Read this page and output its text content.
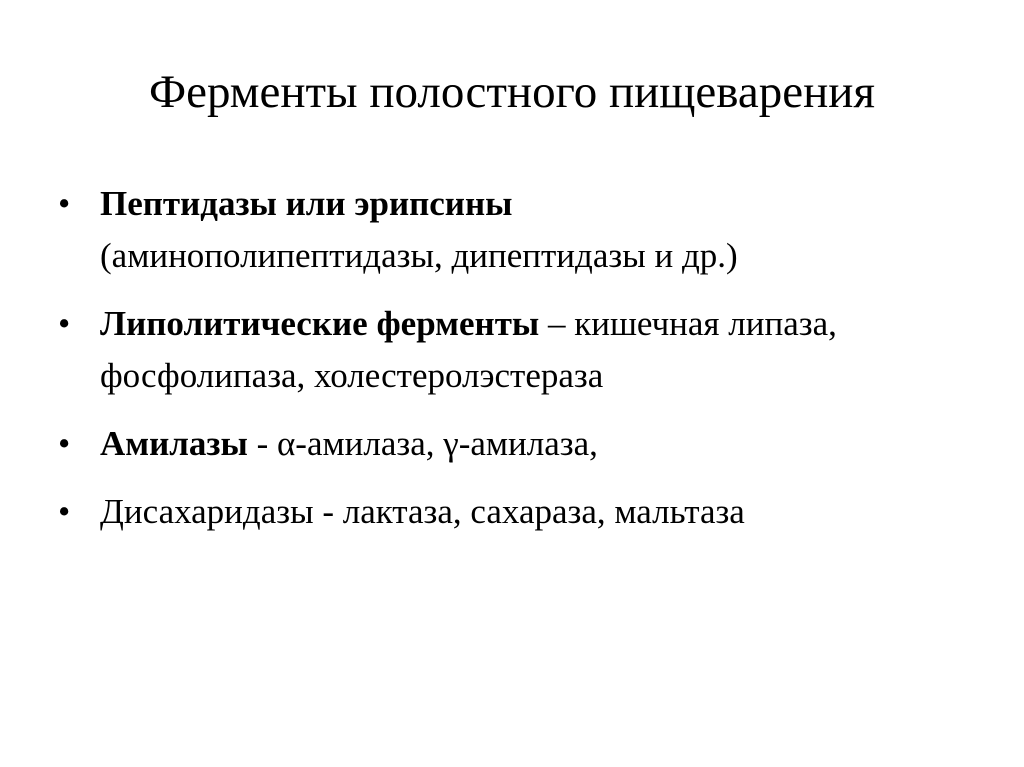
Ферменты полостного пищеварения
• Пептидазы или эрипсины
(аминополипептидазы, дипептидазы и др.)
• Липолитические ферменты – кишечная липаза, фосфолипаза, холестеролэстераза
• Амилазы - α-амилаза, γ-амилаза,
• Дисахаридазы - лактаза, сахараза, мальтаза
